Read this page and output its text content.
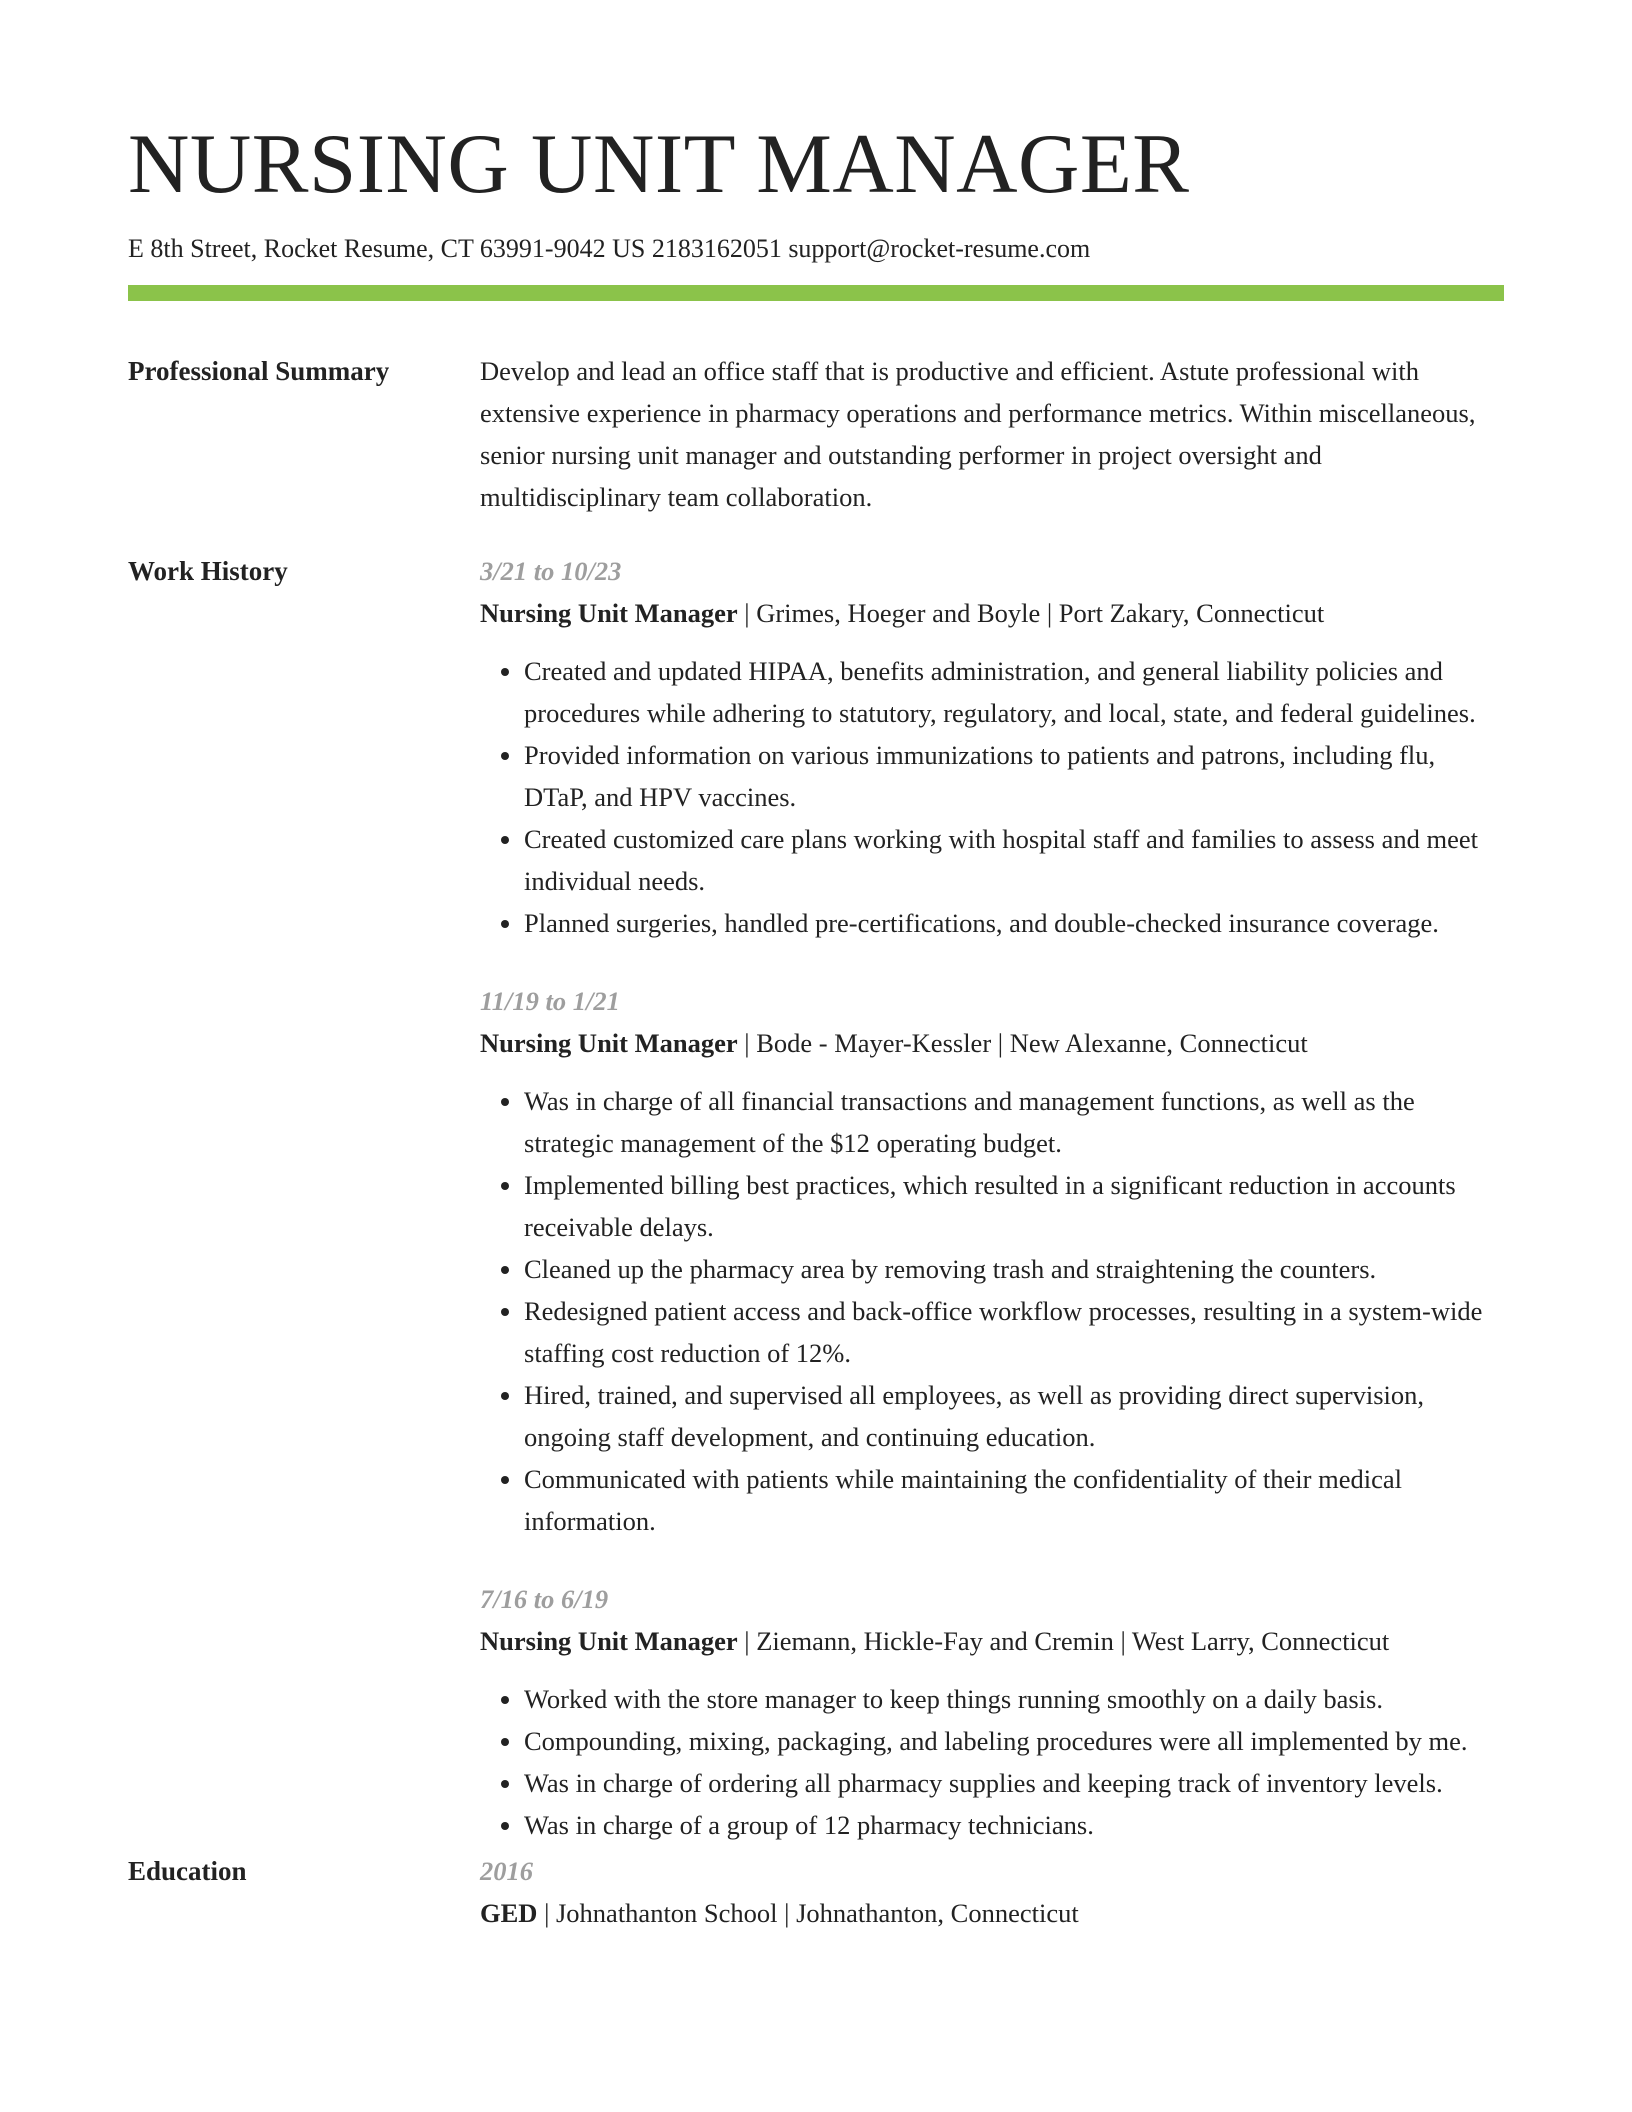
NURSING UNIT MANAGER
E 8th Street, Rocket Resume, CT 63991-9042 US 2183162051 support@rocket-resume.com
Professional Summary	Develop and lead an office staff that is productive and efficient. Astute professional with extensive experience in pharmacy operations and performance metrics. Within miscellaneous, senior nursing unit manager and outstanding performer in project oversight and multidisciplinary team collaboration.

Work History	3/21 to 10/23
Nursing Unit Manager | Grimes, Hoeger and Boyle | Port Zakary, Connecticut
• Created and updated HIPAA, benefits administration, and general liability policies and procedures while adhering to statutory, regulatory, and local, state, and federal guidelines.
• Provided information on various immunizations to patients and patrons, including flu, DTaP, and HPV vaccines.
• Created customized care plans working with hospital staff and families to assess and meet individual needs.
• Planned surgeries, handled pre-certifications, and double-checked insurance coverage.
11/19 to 1/21
Nursing Unit Manager | Bode - Mayer-Kessler | New Alexanne, Connecticut
• Was in charge of all financial transactions and management functions, as well as the strategic management of the $12 operating budget.
• Implemented billing best practices, which resulted in a significant reduction in accounts receivable delays.
• Cleaned up the pharmacy area by removing trash and straightening the counters.
• Redesigned patient access and back-office workflow processes, resulting in a system-wide staffing cost reduction of 12%.
• Hired, trained, and supervised all employees, as well as providing direct supervision, ongoing staff development, and continuing education.
• Communicated with patients while maintaining the confidentiality of their medical information.
7/16 to 6/19
Nursing Unit Manager | Ziemann, Hickle-Fay and Cremin | West Larry, Connecticut
• Worked with the store manager to keep things running smoothly on a daily basis.
• Compounding, mixing, packaging, and labeling procedures were all implemented by me.
• Was in charge of ordering all pharmacy supplies and keeping track of inventory levels.
• Was in charge of a group of 12 pharmacy technicians.
Education	2016
GED | Johnathanton School | Johnathanton, Connecticut
